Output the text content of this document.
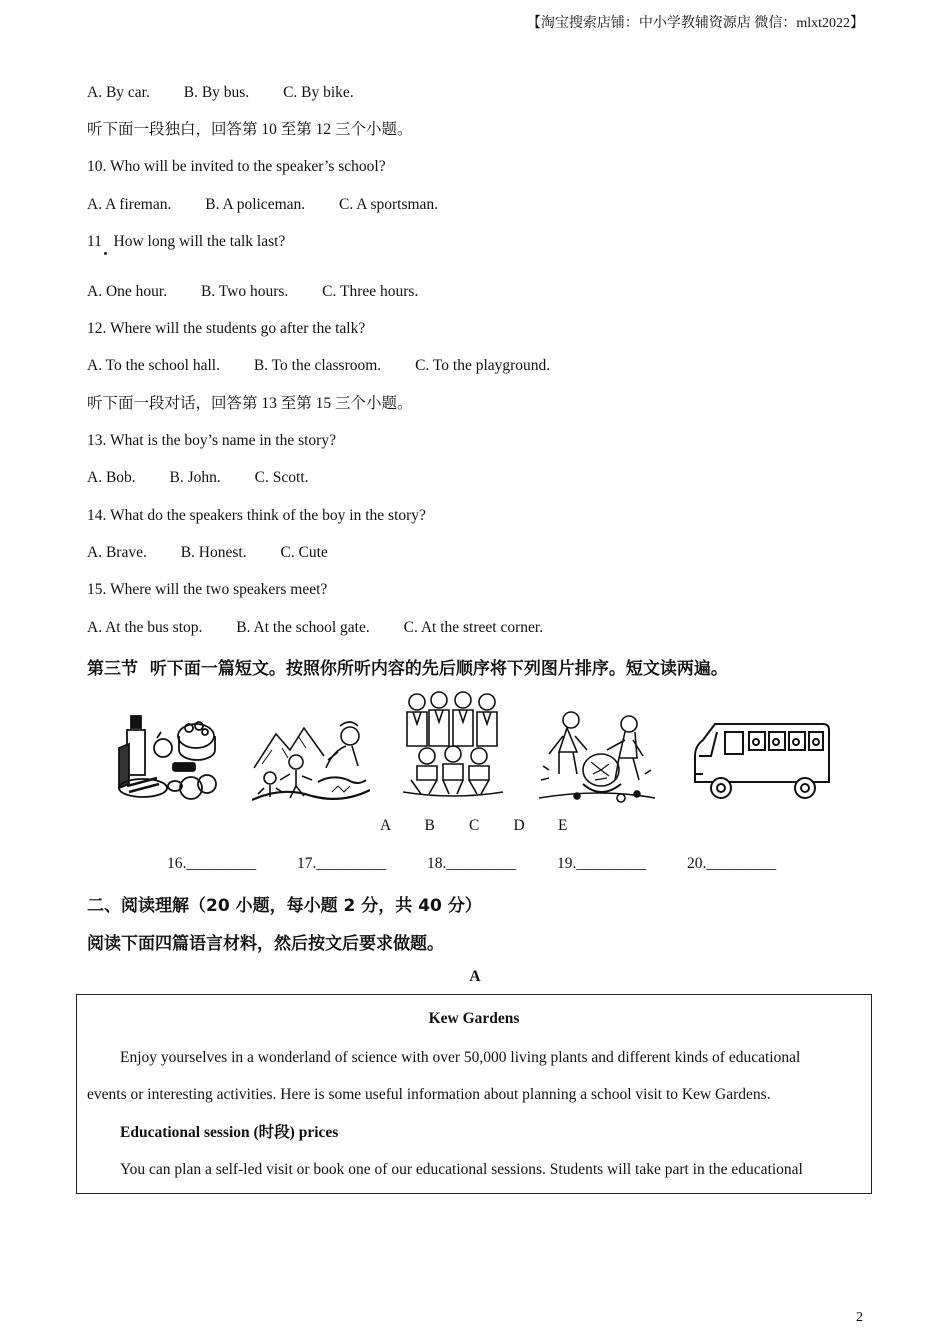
【淘宝搜索店铺：中小学教辅资源店 微信：mlxt2022】
A. By car. B. By bus. C. By bike.
听下面一段独白，回答第 10 至第 12 三个小题。
10. Who will be invited to the speaker’s school?
A. A fireman. B. A policeman. C. A sportsman.
11   How long will the talk last?
A. One hour. B. Two hours. C. Three hours.
12. Where will the students go after the talk?
A. To the school hall. B. To the classroom. C. To the playground.
听下面一段对话，回答第 13 至第 15 三个小题。
13. What is the boy’s name in the story?
A. Bob. B. John. C. Scott.
14. What do the speakers think of the boy in the story?
A. Brave. B. Honest. C. Cute
15. Where will the two speakers meet?
A. At the bus stop. B. At the school gate. C. At the street corner.
第三节  听下面一篇短文。按照你所听内容的先后顺序将下列图片排序。短文读两遍。
A B C D E
16._________	17._________	18._________	19._________	20._________
二、阅读理解（20 小题，每小题 2 分，共 40 分）
阅读下面四篇语言材料，然后按文后要求做题。
A
Kew Gardens
Enjoy yourselves in a wonderland of science with over 50,000 living plants and different kinds of educational
events or interesting activities. Here is some useful information about planning a school visit to Kew Gardens.
Educational session (时段) prices
You can plan a self-led visit or book one of our educational sessions. Students will take part in the educational
2
